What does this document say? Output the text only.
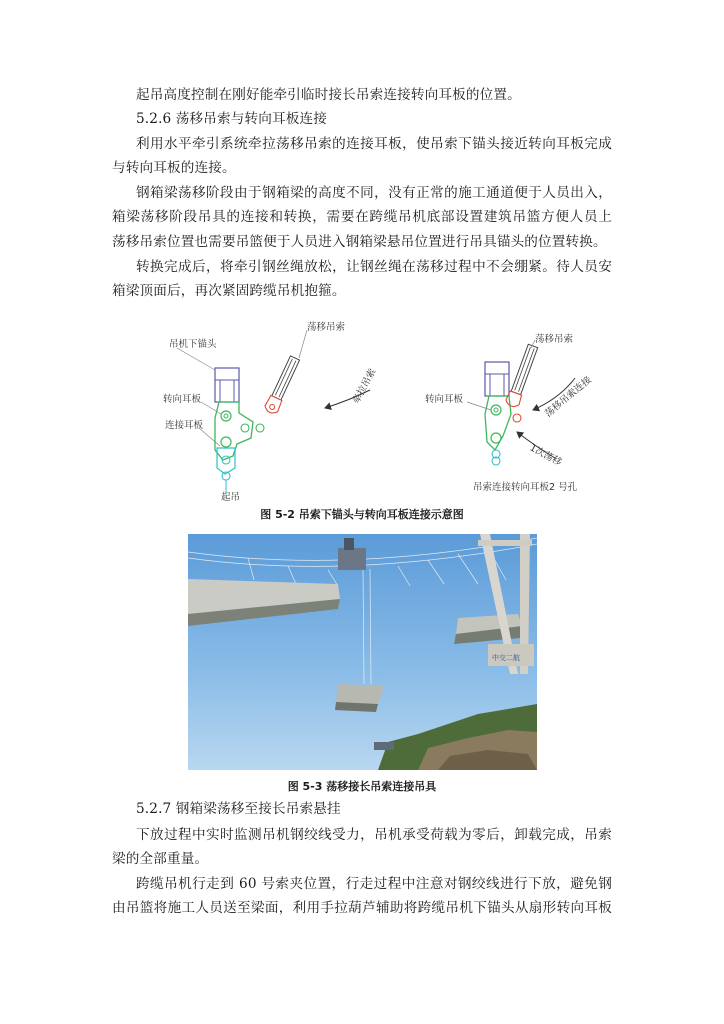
起吊高度控制在刚好能牵引临时接长吊索连接转向耳板的位置。
5.2.6 荡移吊索与转向耳板连接
利用水平牵引系统牵拉荡移吊索的连接耳板，使吊索下锚头接近转向耳板完成
与转向耳板的连接。
钢箱梁荡移阶段由于钢箱梁的高度不同，没有正常的施工通道便于人员出入，
箱梁荡移阶段吊具的连接和转换，需要在跨缆吊机底部设置建筑吊篮方便人员上
荡移吊索位置也需要吊篮便于人员进入钢箱梁悬吊位置进行吊具锚头的位置转换。
转换完成后，将牵引钢丝绳放松，让钢丝绳在荡移过程中不会绷紧。待人员安
箱梁顶面后，再次紧固跨缆吊机抱箍。
吊机下锚头
荡移吊索
牵拉吊索
转向耳板
连接耳板
起吊
荡移吊索
荡移吊索连接
转向耳板
1次荡移
吊索连接转向耳板2 号孔
图 5-2 吊索下锚头与转向耳板连接示意图
中交二航
图 5-3 荡移接长吊索连接吊具
5.2.7 钢箱梁荡移至接长吊索悬挂
下放过程中实时监测吊机钢绞线受力，吊机承受荷载为零后，卸载完成，吊索
梁的全部重量。
跨缆吊机行走到 60 号索夹位置，行走过程中注意对钢绞线进行下放，避免钢
由吊篮将施工人员送至梁面，利用手拉葫芦辅助将跨缆吊机下锚头从扇形转向耳板
